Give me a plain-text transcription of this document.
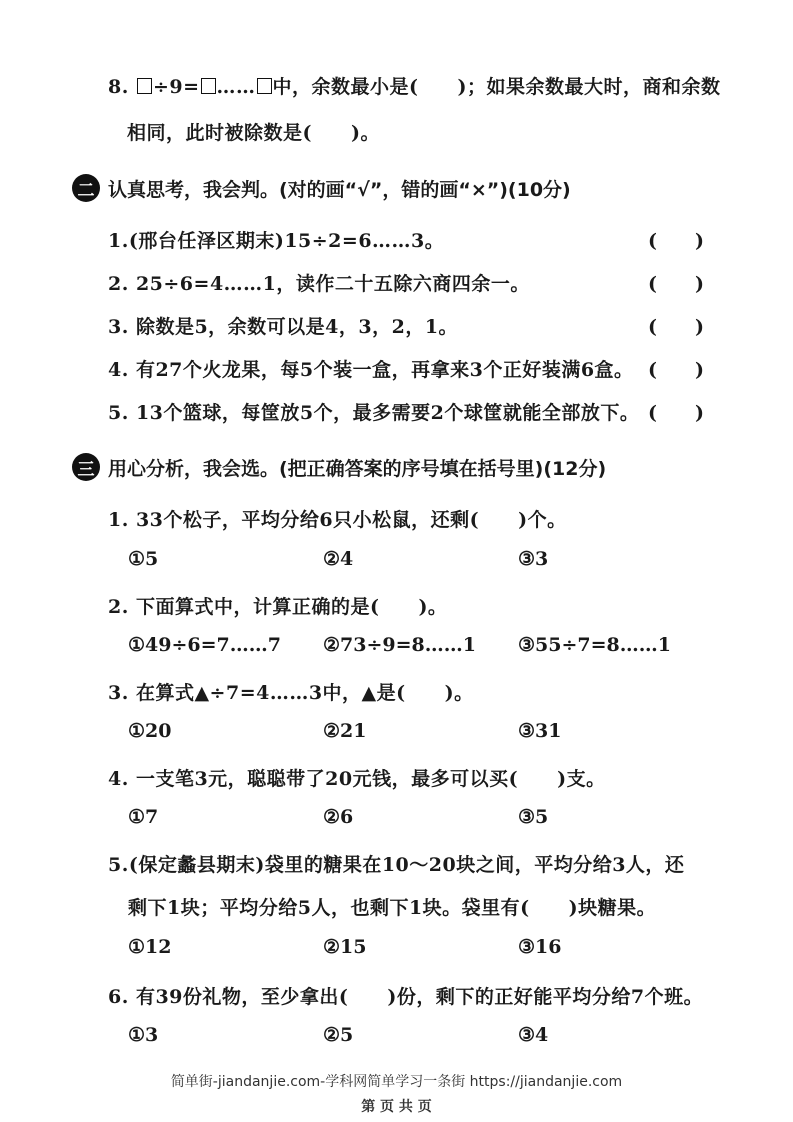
8. ÷9= …… 中，余数最小是(　　)；如果余数最大时，商和余数
相同，此时被除数是(　　)。
二 认真思考，我会判。(对的画“√”，错的画“×”)(10分)
1.(邢台任泽区期末)15÷2=6……3。	(　　)
2. 25÷6=4……1，读作二十五除六商四余一。	(　　)
3. 除数是5，余数可以是4，3，2，1。	(　　)
4. 有27个火龙果，每5个装一盒，再拿来3个正好装满6盒。 (　　)
5. 13个篮球，每筐放5个，最多需要2个球筐就能全部放下。 (　　)
三 用心分析，我会选。(把正确答案的序号填在括号里)(12分)
1. 33个松子，平均分给6只小松鼠，还剩(　　)个。
①5	②4	③3
2. 下面算式中，计算正确的是(　　)。
①49÷6=7……7 ②73÷9=8……1 ③55÷7=8……1
3. 在算式▲÷7=4……3中，▲是(　　)。
①20	②21	③31
4. 一支笔3元，聪聪带了20元钱，最多可以买(　　)支。
①7	②6	③5
5.(保定蠡县期末)袋里的糖果在10～20块之间，平均分给3人，还
剩下1块；平均分给5人，也剩下1块。袋里有(　　)块糖果。
①12	②15	③16
6. 有39份礼物，至少拿出(　　)份，剩下的正好能平均分给7个班。
①3	②5	③4
简单街-jiandanjie.com-学科网简单学习一条街 https://jiandanjie.com
第 页 共 页
